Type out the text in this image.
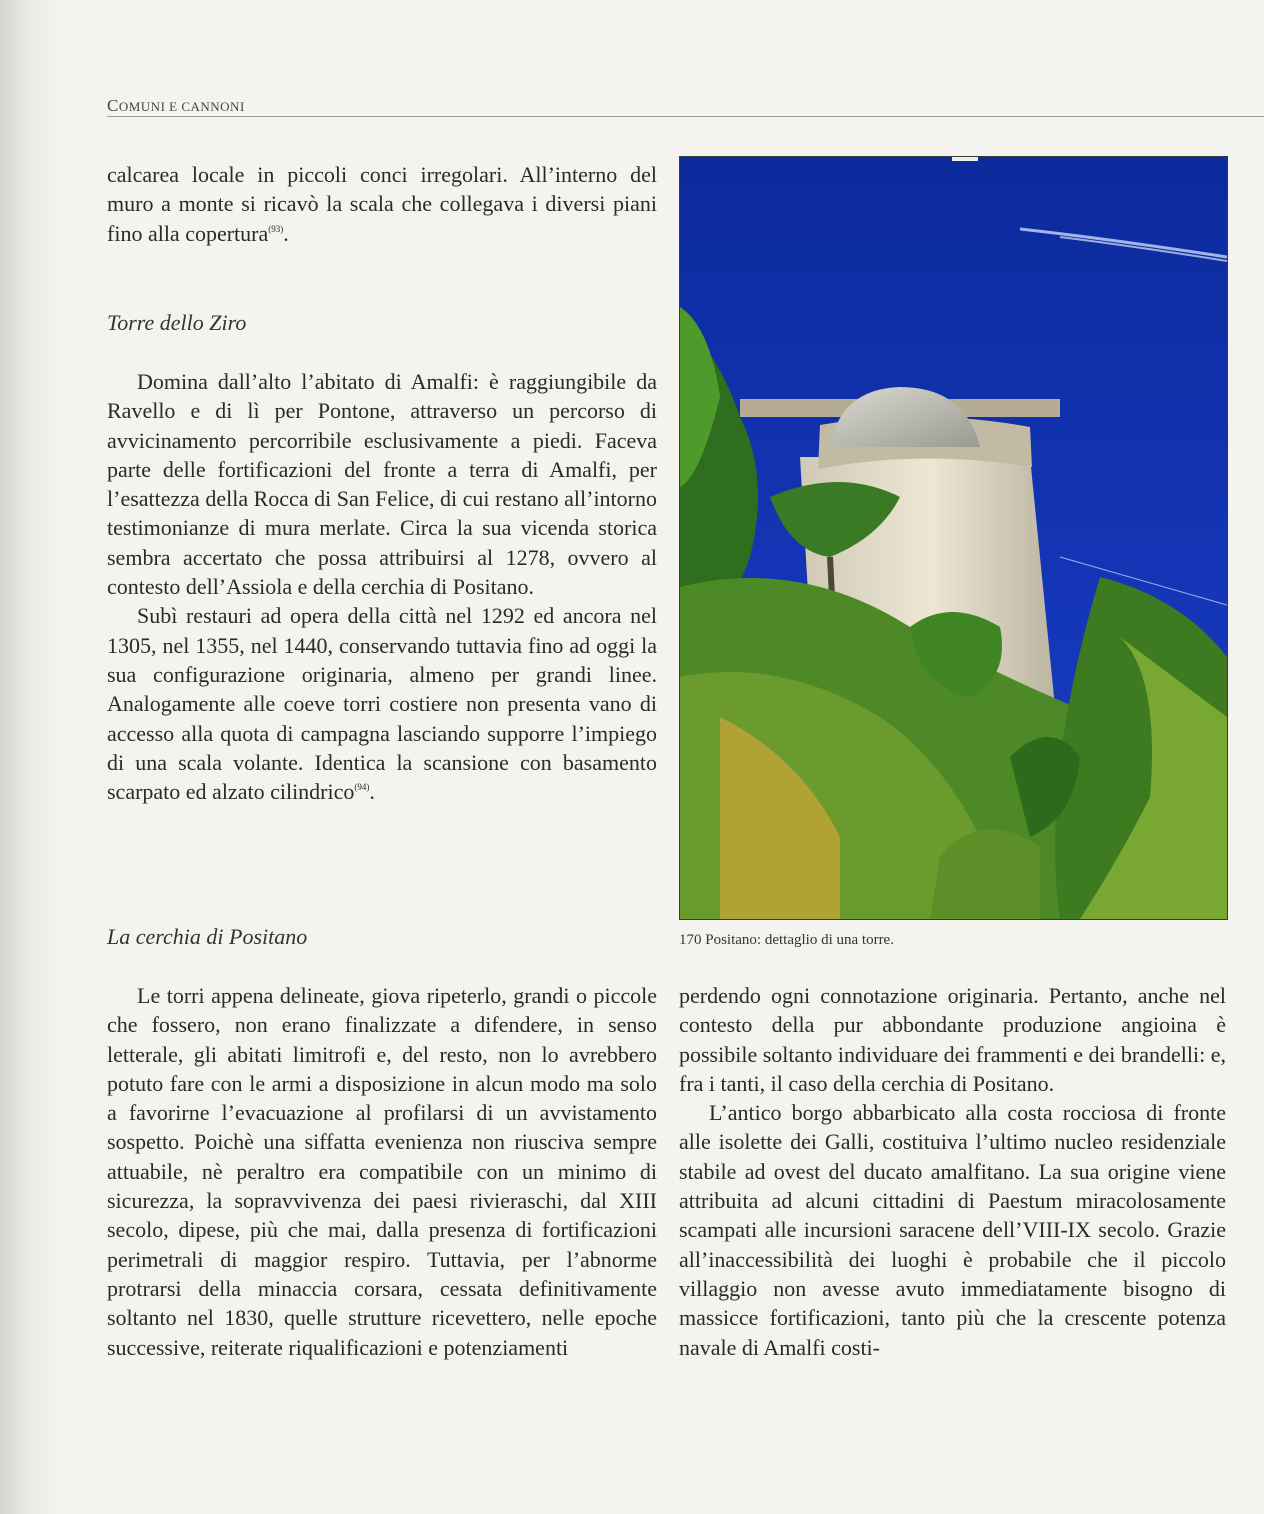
COMUNI E CANNONI

calcarea locale in piccoli conci irregolari. All’interno del muro a monte si ricavò la scala che collegava i diversi piani fino alla copertura$^{(93)}$.

Torre dello Ziro

Domina dall’alto l’abitato di Amalfi: è raggiungibile da Ravello e di lì per Pontone, attraverso un percorso di avvicinamento percorribile esclusivamente a piedi. Faceva parte delle fortificazioni del fronte a terra di Amalfi, per l’esattezza della Rocca di San Felice, di cui restano all’intorno testimonianze di mura merlate. Circa la sua vicenda storica sembra accertato che possa attribuirsi al 1278, ovvero al contesto dell’Assiola e della cerchia di Positano.

Subì restauri ad opera della città nel 1292 ed ancora nel 1305, nel 1355, nel 1440, conservando tuttavia fino ad oggi la sua configurazione originaria, almeno per grandi linee. Analogamente alle coeve torri costiere non presenta vano di accesso alla quota di campagna lasciando supporre l’impiego di una scala volante. Identica la scansione con basamento scarpato ed alzato cilindrico$^{(94)}$.

La cerchia di Positano

Le torri appena delineate, giova ripeterlo, grandi o piccole che fossero, non erano finalizzate a difendere, in senso letterale, gli abitati limitrofi e, del resto, non lo avrebbero potuto fare con le armi a disposizione in alcun modo ma solo a favorirne l’evacuazione al profilarsi di un avvistamento sospetto. Poichè una siffatta evenienza non riusciva sempre attuabile, nè peraltro era compatibile con un minimo di sicurezza, la sopravvivenza dei paesi rivieraschi, dal XIII secolo, dipese, più che mai, dalla presenza di fortificazioni perimetrali di maggior respiro. Tuttavia, per l’abnorme protrarsi della minaccia corsara, cessata definitivamente soltanto nel 1830, quelle strutture ricevettero, nelle epoche successive, reiterate riqualificazioni e potenziamenti

perdendo ogni connotazione originaria. Pertanto, anche nel contesto della pur abbondante produzione angioina è possibile soltanto individuare dei frammenti e dei brandelli: e, fra i tanti, il caso della cerchia di Positano.

L’antico borgo abbarbicato alla costa rocciosa di fronte alle isolette dei Galli, costituiva l’ultimo nucleo residenziale stabile ad ovest del ducato amalfitano. La sua origine viene attribuita ad alcuni cittadini di Paestum miracolosamente scampati alle incursioni saracene dell’VIII-IX secolo. Grazie all’inaccessibilità dei luoghi è probabile che il piccolo villaggio non avesse avuto immediatamente bisogno di massicce fortificazioni, tanto più che la crescente potenza navale di Amalfi costi-

170 Positano: dettaglio di una torre.
